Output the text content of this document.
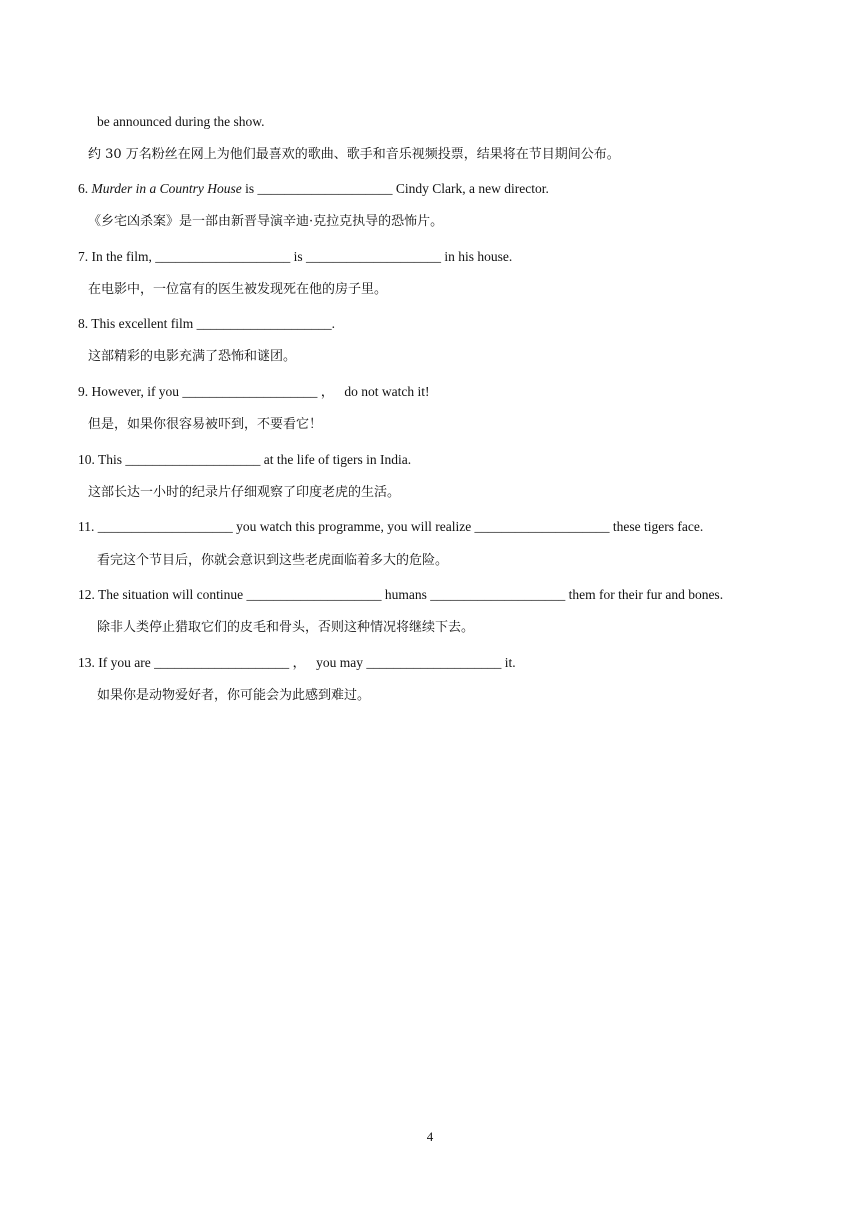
be announced during the show.
约 30 万名粉丝在网上为他们最喜欢的歌曲、歌手和音乐视频投票，结果将在节目期间公布。
6. Murder in a Country House is ____________________ Cindy Clark, a new director.
《乡宅凶杀案》是一部由新晋导演辛迪·克拉克执导的恐怖片。
7. In the film, ____________________ is ____________________ in his house.
在电影中，一位富有的医生被发现死在他的房子里。
8. This excellent film ____________________.
这部精彩的电影充满了恐怖和谜团。
9. However, if you ____________________ ，   do not watch it!
但是，如果你很容易被吓到，不要看它！
10. This ____________________ at the life of tigers in India.
这部长达一小时的纪录片仔细观察了印度老虎的生活。
11. ____________________ you watch this programme, you will realize ____________________ these tigers face.
看完这个节目后，你就会意识到这些老虎面临着多大的危险。
12. The situation will continue ____________________ humans ____________________ them for their fur and bones.
除非人类停止猎取它们的皮毛和骨头，否则这种情况将继续下去。
13. If you are ____________________ ，   you may ____________________ it.
如果你是动物爱好者，你可能会为此感到难过。
4
